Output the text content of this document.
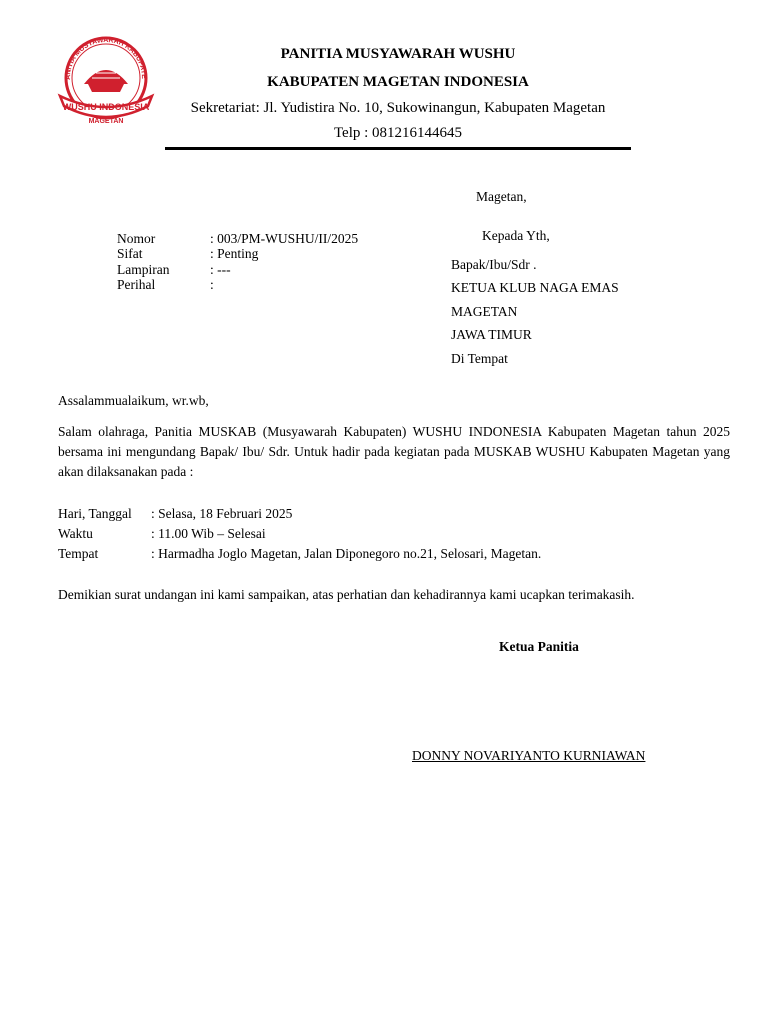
ANITIA MUSYAWARAH KABUPATE
WUSHU INDONESIA
MAGETAN
PANITIA MUSYAWARAH WUSHU
KABUPATEN MAGETAN INDONESIA
Sekretariat: Jl. Yudistira No. 10, Sukowinangun, Kabupaten Magetan
Telp : 081216144645
Magetan,
Nomor	: 003/PM-WUSHU/II/2025
Sifat	: Penting
Lampiran	: ---
Perihal	:
Kepada Yth,
Bapak/Ibu/Sdr .
KETUA KLUB NAGA EMAS
MAGETAN
JAWA TIMUR
Di Tempat
Assalammualaikum, wr.wb,
Salam olahraga, Panitia MUSKAB (Musyawarah Kabupaten) WUSHU INDONESIA Kabupaten Magetan tahun 2025 bersama ini mengundang Bapak/ Ibu/ Sdr. Untuk hadir pada kegiatan pada MUSKAB WUSHU Kabupaten Magetan yang akan dilaksanakan pada :
Hari, Tanggal : Selasa, 18 Februari 2025
Waktu	: 11.00 Wib – Selesai
Tempat	: Harmadha Joglo Magetan, Jalan Diponegoro no.21, Selosari, Magetan.
Demikian surat undangan ini kami sampaikan, atas perhatian dan kehadirannya kami ucapkan terimakasih.
Ketua Panitia
DONNY NOVARIYANTO KURNIAWAN
